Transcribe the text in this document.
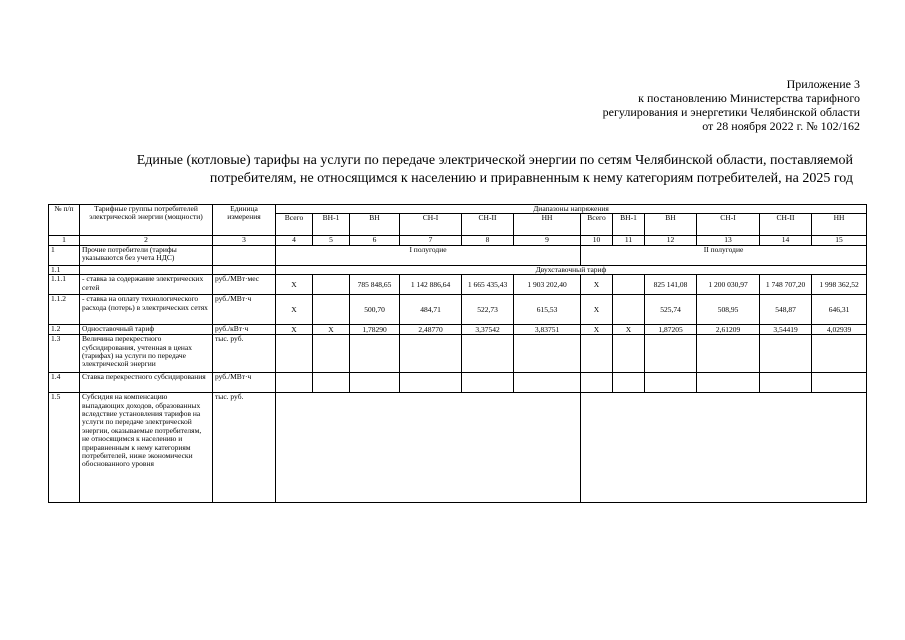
Приложение 3
к постановлению Министерства тарифного
регулирования и энергетики Челябинской области
от 28 ноября 2022 г. № 102/162
Единые (котловые) тарифы на услуги по передаче электрической энергии по сетям Челябинской области, поставляемой
потребителям, не относящимся к населению и приравненным к нему категориям потребителей, на 2025 год
№ п/п	Тарифные группы потребителей электрической энергии (мощности)	Единица измерения	Диапазоны напряжения											
			Всего	ВН-1	ВН	СН-I	СН-II	НН	Всего	ВН-1	ВН	СН-I	СН-II	НН
1	2	3	4	5	6	7	8	9	10	11	12	13	14	15
1	Прочие потребители (тарифы указываются без учета НДС)		I полугодие						II полугодие					
1.1			Двухставочный тариф											
1.1.1	- ставка за содержание электрических сетей	руб./МВт·мес	Х		785 848,65	1 142 886,64	1 665 435,43	1 903 202,40	Х		825 141,08	1 200 030,97	1 748 707,20	1 998 362,52
1.1.2	- ставка на оплату технологического расхода (потерь) в электрических сетях	руб./МВт·ч	Х		500,70	484,71	522,73	615,53	Х		525,74	508,95	548,87	646,31
1.2	Одноставочный тариф	руб./кВт·ч	Х	Х	1,78290	2,48770	3,37542	3,83751	Х	Х	1,87205	2,61209	3,54419	4,02939
1.3	Величина перекрестного субсидирования, учтенная в ценах (тарифах) на услуги по передаче электрической энергии	тыс. руб.												
1.4	Ставка перекрестного субсидирования	руб./МВт·ч												
1.5	Субсидия на компенсацию выпадающих доходов, образованных вследствие установления тарифов на услуги по передаче электрической энергии, оказываемые потребителям, не относящимся к населению и приравненным к нему категориям потребителей, ниже экономически обоснованного уровня	тыс. руб.												
